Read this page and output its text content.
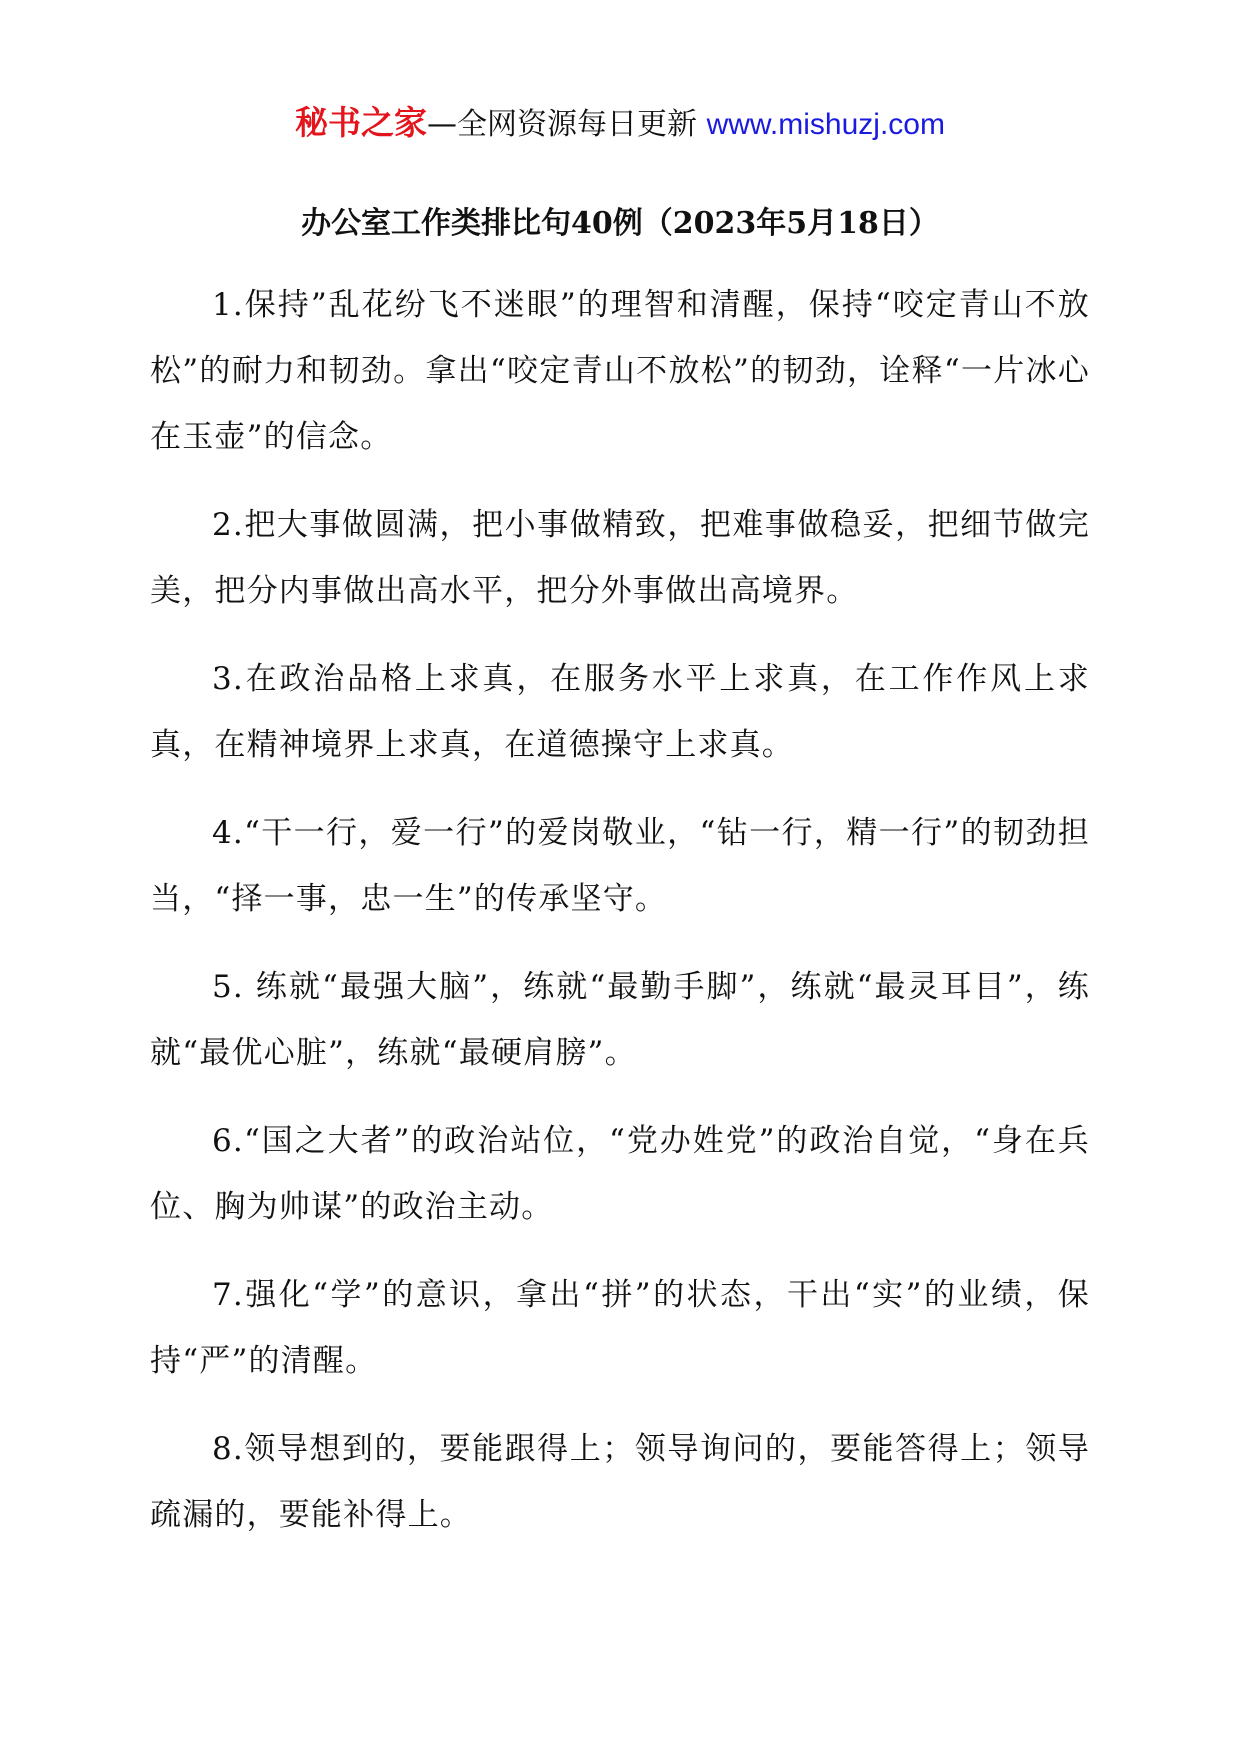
秘书之家—全网资源每日更新 www.mishuzj.com
办公室工作类排比句40例（2023年5月18日）

1.保持”乱花纷飞不迷眼”的理智和清醒，保持“咬定青山不放松”的耐力和韧劲。拿出“咬定青山不放松”的韧劲，诠释“一片冰心在玉壶”的信念。

2.把大事做圆满，把小事做精致，把难事做稳妥，把细节做完美，把分内事做出高水平，把分外事做出高境界。

3.在政治品格上求真，在服务水平上求真，在工作作风上求真，在精神境界上求真，在道德操守上求真。

4.“干一行，爱一行”的爱岗敬业，“钻一行，精一行”的韧劲担当，“择一事，忠一生”的传承坚守。

5. 练就“最强大脑”，练就“最勤手脚”，练就“最灵耳目”，练就“最优心脏”，练就“最硬肩膀”。

6.“国之大者”的政治站位，“党办姓党”的政治自觉，“身在兵位、胸为帅谋”的政治主动。

7.强化“学”的意识，拿出“拼”的状态，干出“实”的业绩，保持“严”的清醒。

8.领导想到的，要能跟得上；领导询问的，要能答得上；领导疏漏的，要能补得上。
